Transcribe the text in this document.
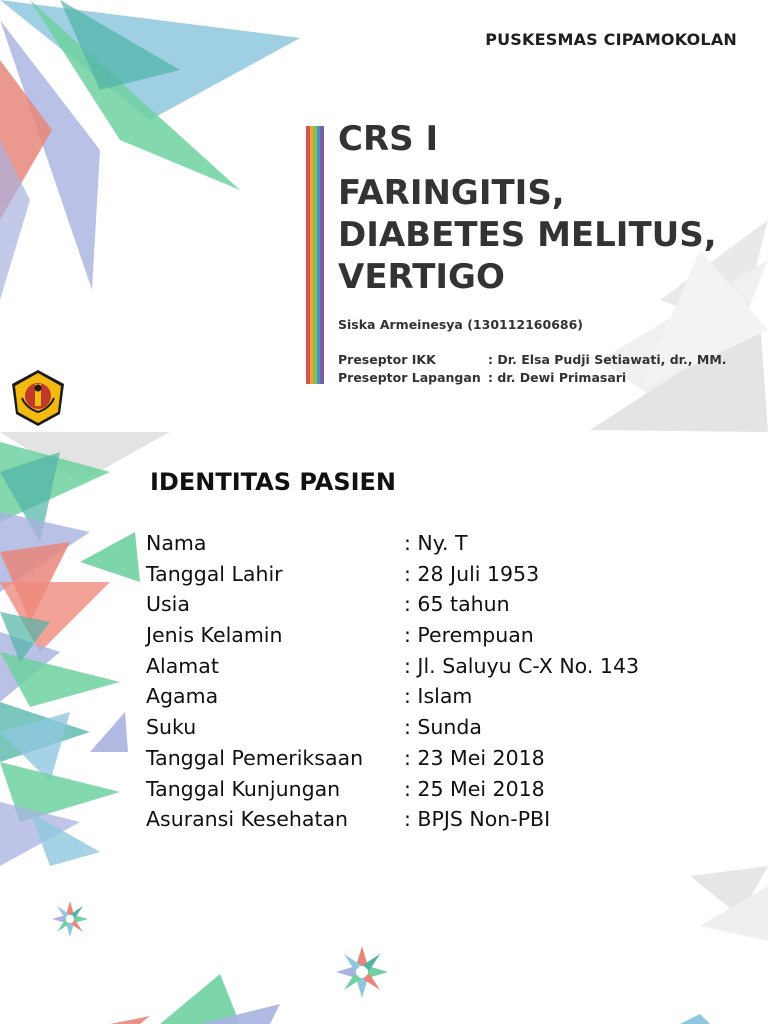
PUSKESMAS CIPAMOKOLAN
CRS I
FARINGITIS,
DIABETES MELITUS,
VERTIGO
Siska Armeinesya (130112160686)
Preseptor IKK	: Dr. Elsa Pudji Setiawati, dr., MM.
Preseptor Lapangan : dr. Dewi Primasari
IDENTITAS PASIEN
Nama	: Ny. T
Tanggal Lahir	: 28 Juli 1953
Usia	: 65 tahun
Jenis Kelamin	: Perempuan
Alamat	: Jl. Saluyu C-X No. 143
Agama	: Islam
Suku	: Sunda
Tanggal Pemeriksaan	: 23 Mei 2018
Tanggal Kunjungan	: 25 Mei 2018
Asuransi Kesehatan	: BPJS Non-PBI
